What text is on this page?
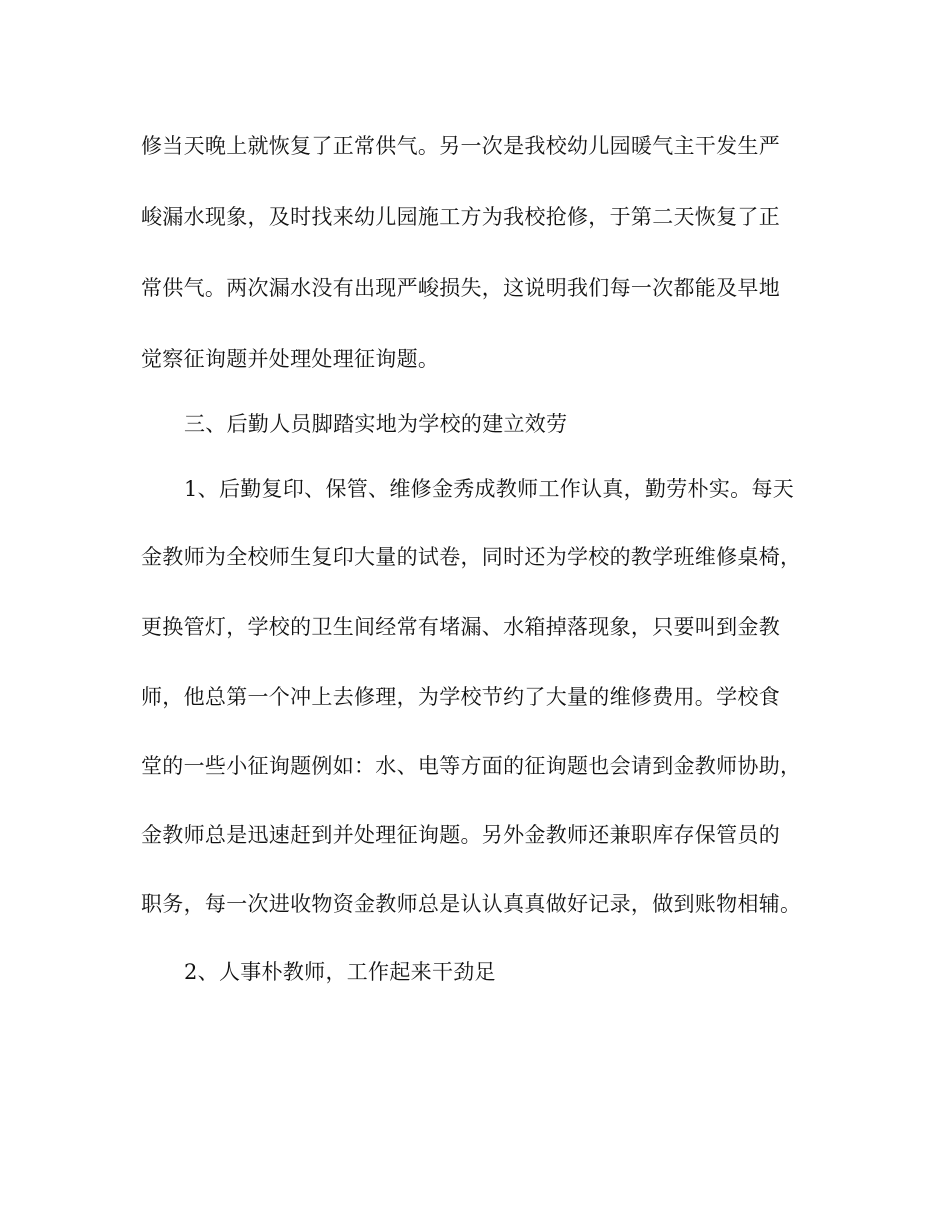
修当天晚上就恢复了正常供气。另一次是我校幼儿园暖气主干发生严
峻漏水现象，及时找来幼儿园施工方为我校抢修，于第二天恢复了正
常供气。两次漏水没有出现严峻损失，这说明我们每一次都能及早地
觉察征询题并处理处理征询题。
三、后勤人员脚踏实地为学校的建立效劳
1、后勤复印、保管、维修金秀成教师工作认真，勤劳朴实。每天
金教师为全校师生复印大量的试卷，同时还为学校的教学班维修桌椅，
更换管灯，学校的卫生间经常有堵漏、水箱掉落现象，只要叫到金教
师，他总第一个冲上去修理，为学校节约了大量的维修费用。学校食
堂的一些小征询题例如：水、电等方面的征询题也会请到金教师协助，
金教师总是迅速赶到并处理征询题。另外金教师还兼职库存保管员的
职务，每一次进收物资金教师总是认认真真做好记录，做到账物相辅。
2、人事朴教师，工作起来干劲足
